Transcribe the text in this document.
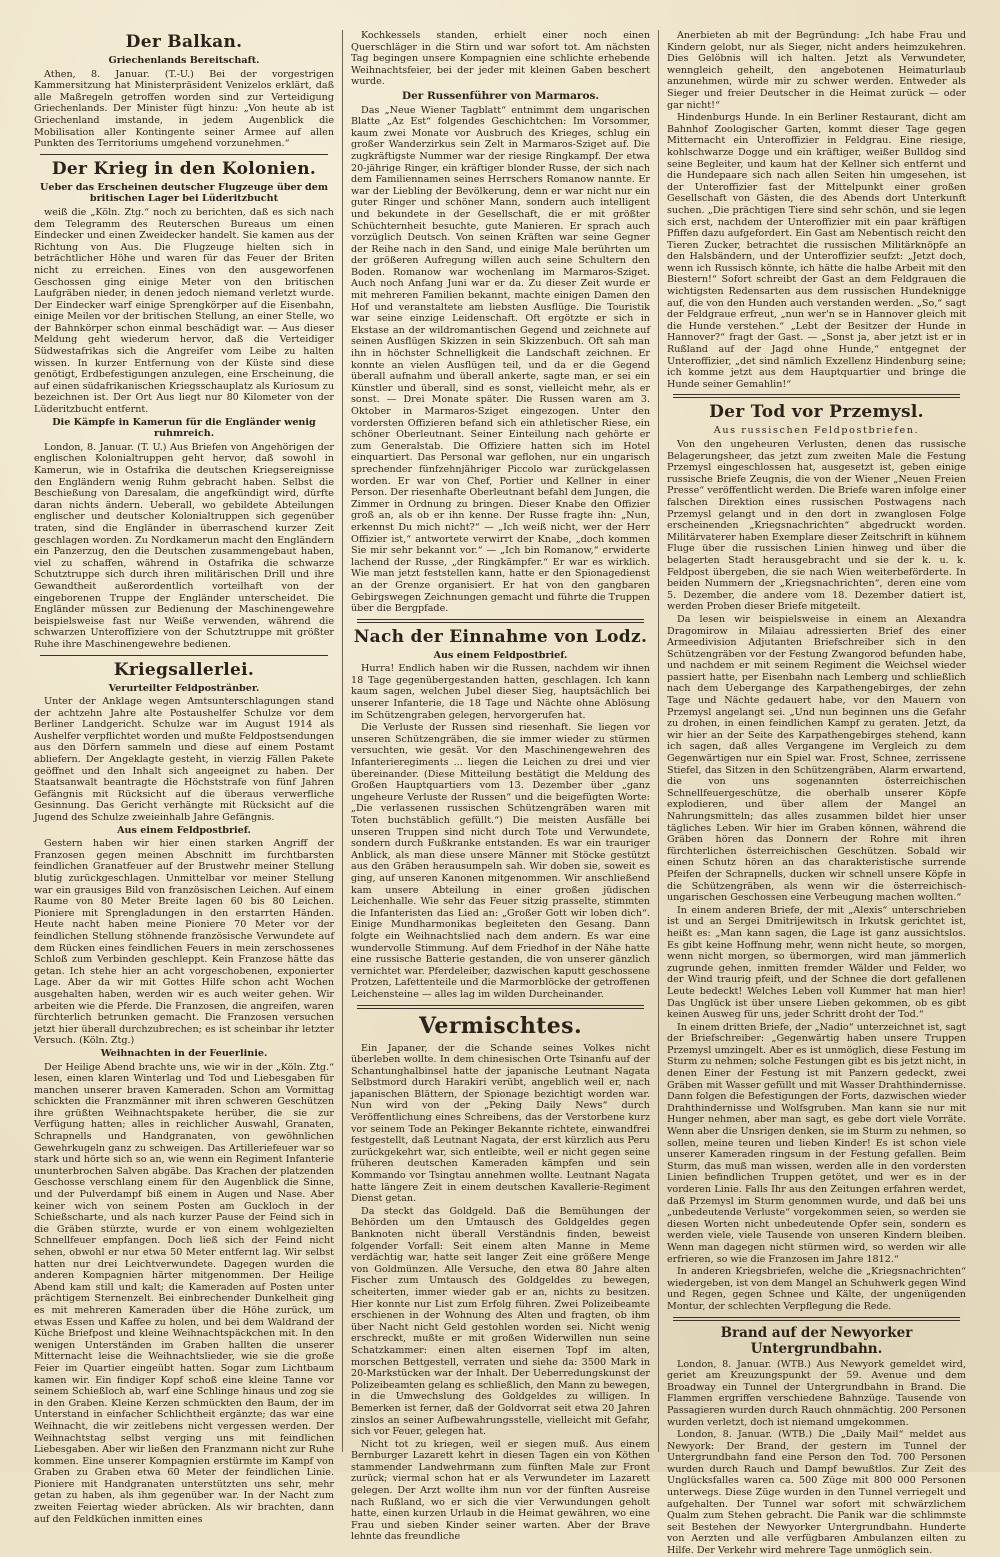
Der Balkan.
Griechenlands Bereitschaft.

Athen, 8. Januar. (T.-U.) Bei der vorgestrigen Kammersitzung hat Ministerpräsident Venizelos erklärt, daß alle Maßregeln getroffen worden sind zur Verteidigung Griechenlands. Der Minister fügt hinzu: „Von heute ab ist Griechenland imstande, in jedem Augenblick die Mobilisation aller Kontingente seiner Armee auf allen Punkten des Territoriums umgehend vorzunehmen.“

Der Krieg in den Kolonien.
Ueber das Erscheinen deutscher Flugzeuge über dem britischen Lager bei Lüderitzbucht

weiß die „Köln. Ztg.“ noch zu berichten, daß es sich nach dem Telegramm des Reuterschen Bureaus um einen Eindecker und einen Zweidecker handelt. Sie kamen aus der Richtung von Aus. Die Flugzeuge hielten sich in beträchtlicher Höhe und waren für das Feuer der Briten nicht zu erreichen. Eines von den ausgeworfenen Geschossen ging einige Meter von den britischen Laufgräben nieder, in denen jedoch niemand verletzt wurde. Der Eindecker warf einige Sprengkörper auf die Eisenbahn, einige Meilen vor der britischen Stellung, an einer Stelle, wo der Bahnkörper schon einmal beschädigt war. — Aus dieser Meldung geht wiederum hervor, daß die Verteidiger Südwestafrikas sich die Angreifer vom Leibe zu halten wissen. In kurzer Entfernung von der Küste sind diese genötigt, Erdbefestigungen anzulegen, eine Erscheinung, die auf einen südafrikanischen Kriegsschauplatz als Kuriosum zu bezeichnen ist. Der Ort Aus liegt nur 80 Kilometer von der Lüderitzbucht entfernt.

Die Kämpfe in Kamerun für die Engländer wenig ruhmreich.

London, 8. Januar. (T. U.) Aus Briefen von Angehörigen der englischen Kolonialtruppen geht hervor, daß sowohl in Kamerun, wie in Ostafrika die deutschen Kriegsereignisse den Engländern wenig Ruhm gebracht haben. Selbst die Beschießung von Daresalam, die angefkündigt wird, dürfte daran nichts ändern. Ueberall, wo gebildete Abteilungen englischer und deutscher Kolonialtruppen sich gegenüber traten, sind die Engländer in überraschend kurzer Zeit geschlagen worden. Zu Nordkamerun macht den Engländern ein Panzerzug, den die Deutschen zusammengebaut haben, viel zu schaffen, während in Ostafrika die schwarze Schutztruppe sich durch ihren militärischen Drill und ihre Gewandtheit außerordentlich vorteilhaft von der eingeborenen Truppe der Engländer unterscheidet. Die Engländer müssen zur Bedienung der Maschinengewehre beispielsweise fast nur Weiße verwenden, während die schwarzen Unteroffiziere von der Schutztruppe mit größter Ruhe ihre Maschinengewehre bedienen.

Kriegsallerlei.
Verurteilter Feldpostränber.

Unter der Anklage wegen Amtsunterschlagungen stand der achtzehn Jahre alte Postaushelfer Schulze vor dem Berliner Landgericht. Schulze war im August 1914 als Aushelfer verpflichtet worden und mußte Feldpostsendungen aus den Dörfern sammeln und diese auf einem Postamt abliefern. Der Angeklagte gesteht, in vierzig Fällen Pakete geöffnet und den Inhalt sich angeeignet zu haben. Der Staatsanwalt beantragte die Höchststrafe von fünf Jahren Gefängnis mit Rücksicht auf die überaus verwerfliche Gesinnung. Das Gericht verhängte mit Rücksicht auf die Jugend des Schulze zweieinhalb Jahre Gefängnis.

Aus einem Feldpostbrief.

Gestern haben wir hier einen starken Angriff der Franzosen gegen meinen Abschnitt im furchtbarsten feindlichen Granatfeuer auf der Brustwehr meiner Stellung blutig zurückgeschlagen. Unmittelbar vor meiner Stellung war ein grausiges Bild von französischen Leichen. Auf einem Raume von 80 Meter Breite lagen 60 bis 80 Leichen. Pioniere mit Sprengladungen in den erstarrten Händen. Heute nacht haben meine Pioniere 70 Meter vor der feindlichen Stellung stöhnende französische Verwundete auf dem Rücken eines feindlichen Feuers in mein zerschossenes Schloß zum Verbinden geschleppt. Kein Franzose hätte das getan. Ich stehe hier an acht vorgeschobenen, exponierter Lage. Aber da wir mit Gottes Hilfe schon acht Wochen ausgehalten haben, werden wir es auch weiter gehen. Wir arbeiten wie die Pferde. Die Franzosen, die angreifen, waren fürchterlich betrunken gemacht. Die Franzosen versuchen jetzt hier überall durchzubrechen; es ist scheinbar ihr letzter Versuch. (Köln. Ztg.)

Weihnachten in der Feuerlinie.

Der Heilige Abend brachte uns, wie wir in der „Köln. Ztg.“ lesen, einen klaren Winterlag und Tod und Liebesgaben für manchen unserer braven Kameraden. Schon am Vormittag schickten die Franzmänner mit ihren schweren Geschützen ihre grüßten Weihnachtspakete herüber, die sie zur Verfügung hatten; alles in reichlicher Auswahl, Granaten, Schrapnells und Handgranaten, von gewöhnlichen Gewehrkugeln ganz zu schweigen. Das Artilleriefeuer war so stark und hörte sich so an, wie wenn ein Regiment Infanterie ununterbrochen Salven abgäbe. Das Krachen der platzenden Geschosse verschlang einem für den Augenblick die Sinne, und der Pulverdampf biß einem in Augen und Nase. Aber keiner wich von seinem Posten am Guckloch in der Schießscharte, und als nach kurzer Pause der Feind sich in die Gräben stürzte, wurde er von einem wohlgezielten Schnellfeuer empfangen. Doch ließ sich der Feind nicht sehen, obwohl er nur etwa 50 Meter entfernt lag. Wir selbst hatten nur drei Leichtverwundete. Dagegen wurden die anderen Kompagnien härter mitgenommen. Der Heilige Abend kam still und kalt; die Kameraden auf Posten unter prächtigem Sternenzelt. Bei einbrechender Dunkelheit ging es mit mehreren Kameraden über die Höhe zurück, um etwas Essen und Kaffee zu holen, und bei dem Waldrand der Küche Briefpost und kleine Weihnachtspäckchen mit. In den wenigen Unterständen im Graben hallten die unserer Mitternacht leise die Weihnachtslieder, wie sie die große Feier im Quartier eingeübt hatten. Sogar zum Lichtbaum kamen wir. Ein findiger Kopf schoß eine kleine Tanne vor seinem Schießloch ab, warf eine Schlinge hinaus und zog sie in den Graben. Kleine Kerzen schmückten den Baum, der im Unterstand in einfacher Schlichtheit ergänzte; das war eine Weihnacht, die wir zeitlebens nicht vergessen werden. Der Weihnachtstag selbst verging uns mit feindlichen Liebesgaben. Aber wir ließen den Franzmann nicht zur Ruhe kommen. Eine unserer Kompagnien erstürmte im Kampf von Graben zu Graben etwa 60 Meter der feindlichen Linie. Pioniere mit Handgranaten unterstützten uns sehr, mehr getan zu haben, als ihm gegenüber war. In der Nacht zum zweiten Feiertag wieder abrücken. Als wir brachten, dann auf den Feldküchen inmitten eines

Kochkessels standen, erhielt einer noch einen Querschläger in die Stirn und war sofort tot. Am nächsten Tag begingen unsere Kompagnien eine schlichte erhebende Weihnachtsfeier, bei der jeder mit kleinen Gaben beschert wurde.

Der Russenführer von Marmaros.

Das „Neue Wiener Tagblatt“ entnimmt dem ungarischen Blatte „Az Est“ folgendes Geschichtchen: Im Vorsommer, kaum zwei Monate vor Ausbruch des Krieges, schlug ein großer Wanderzirkus sein Zelt in Marmaros-Sziget auf. Die zugkräftigste Nummer war der riesige Ringkampf. Der etwa 20-jährige Ringer, ein kräftiger blonder Russe, der sich nach dem Familiennamen seines Herrschers Romanow nannte. Er war der Liebling der Bevölkerung, denn er war nicht nur ein guter Ringer und schöner Mann, sondern auch intelligent und bekundete in der Gesellschaft, die er mit größter Schüchternheit besuchte, gute Manieren. Er sprach auch vorzüglich Deutsch. Von seinen Kräften war seine Gegner der Reihe nach in den Sand, und einige Male berührten um der größeren Aufregung willen auch seine Schultern den Boden. Romanow war wochenlang im Marmaros-Sziget. Auch noch Anfang Juni war er da. Zu dieser Zeit wurde er mit mehreren Familien bekannt, machte einigen Damen den Hof und veranstaltete am liebsten Ausflüge. Die Touristik war seine einzige Leidenschaft. Oft ergötzte er sich in Ekstase an der wildromantischen Gegend und zeichnete auf seinen Ausflügen Skizzen in sein Skizzenbuch. Oft sah man ihn in höchster Schnelligkeit die Landschaft zeichnen. Er konnte an vielen Ausflügen teil, und da er die Gegend überall aufnahm und überall ankerte, sagte man, er sei ein Künstler und überall, sind es sonst, vielleicht mehr, als er sonst. — Drei Monate später. Die Russen waren am 3. Oktober in Marmaros-Sziget eingezogen. Unter den vordersten Offizieren befand sich ein athletischer Riese, ein schöner Oberleutnant. Seiner Einteilung nach gehörte er zum Generalstab. Die Offiziere hatten sich im Hotel einquartiert. Das Personal war geflohen, nur ein ungarisch sprechender fünfzehnjähriger Piccolo war zurückgelassen worden. Er war von Chef, Portier und Kellner in einer Person. Der riesenhafte Oberleutnant befahl dem Jungen, die Zimmer in Ordnung zu bringen. Dieser Knabe den Offizier groß an, als ob er ihn kenne. Der Russe fragte ihn: „Nun, erkennst Du mich nicht?“ — „Ich weiß nicht, wer der Herr Offizier ist,“ antwortete verwirrt der Knabe, „doch kommen Sie mir sehr bekannt vor.“ — „Ich bin Romanow,“ erwiderte lachend der Russe, „der Ringkämpfer.“ Er war es wirklich. Wie man jetzt feststellen kann, hatte er den Spionagedienst an der Grenze organisiert. Er hat von den gangbaren Gebirgswegen Zeichnungen gemacht und führte die Truppen über die Bergpfade.

Nach der Einnahme von Lodz.
Aus einem Feldpostbrief.

Hurra! Endlich haben wir die Russen, nachdem wir ihnen 18 Tage gegenübergestanden hatten, geschlagen. Ich kann kaum sagen, welchen Jubel dieser Sieg, hauptsächlich bei unserer Infanterie, die 18 Tage und Nächte ohne Ablösung im Schützengraben gelegen, hervorgerufen hat.

Die Verluste der Russen sind riesenhaft. Sie liegen vor unseren Schützengräben, die sie immer wieder zu stürmen versuchten, wie gesät. Vor den Maschinengewehren des Infanterieregiments ... liegen die Leichen zu drei und vier übereinander. (Diese Mitteilung bestätigt die Meldung des Großen Hauptquartiers vom 13. Dezember über „ganz ungeheure Verluste der Russen“ und die beigefügten Worte: „Die verlassenen russischen Schützengräben waren mit Toten buchstäblich gefüllt.“) Die meisten Ausfälle bei unseren Truppen sind nicht durch Tote und Verwundete, sondern durch Fußkranke entstanden. Es war ein trauriger Anblick, als man diese unsere Männer mit Stöcke gestützt aus den Gräben herausumpeln sah. Wir doben sie, soweit es ging, auf unseren Kanonen mitgenommen. Wir anschließend kam unsere Abteilung in einer großen jüdischen Leichenhalle. Wie sehr das Feuer sitzig prasselte, stimmten die Infanteristen das Lied an: „Großer Gott wir loben dich“. Einige Mundharmonikas begleiteten den Gesang. Dann folgte ein Weihnachtslied nach dem andern. Es war eine wundervolle Stimmung. Auf dem Friedhof in der Nähe hatte eine russische Batterie gestanden, die von unserer gänzlich vernichtet war. Pferdeleiber, dazwischen kaputt geschossene Protzen, Lafettenteile und die Marmorblöcke der getroffenen Leichensteine — alles lag im wilden Durcheinander.

Vermischtes.

Ein Japaner, der die Schande seines Volkes nicht überleben wollte. In dem chinesischen Orte Tsinanfu auf der Schantunghalbinsel hatte der japanische Leutnant Nagata Selbstmord durch Harakiri verübt, angeblich weil er, nach japanischen Blättern, der Spionage bezichtigt worden war. Nun wird von der „Peking Daily News“ durch Veröffentlichung eines Schreibens, das der Verstorbene kurz vor seinem Tode an Pekinger Bekannte richtete, einwandfrei festgestellt, daß Leutnant Nagata, der erst kürzlich aus Peru zurückgekehrt war, sich entleibte, weil er nicht gegen seine früheren deutschen Kameraden kämpfen und sein Kommando vor Tsingtau annehmen wollte. Leutnant Nagata hatte längere Zeit in einem deutschen Kavallerie-Regiment Dienst getan.

Da steckt das Goldgeld. Daß die Bemühungen der Behörden um den Umtausch des Goldgeldes gegen Banknoten nicht überall Verständnis finden, beweist folgender Vorfall: Seit einem alten Manne in Meme verdächtig war, hatte seit langer Zeit eine größere Menge von Goldmünzen. Alle Versuche, den etwa 80 Jahre alten Fischer zum Umtausch des Goldgeldes zu bewegen, scheiterten, immer wieder gab er an, nichts zu besitzen. Hier konnte nur List zum Erfolg führen. Zwei Polizeibeamte erschienen in der Wohnung des Alten und fragten, ob ihm über Nacht nicht Geld gestohlen worden sei. Nicht wenig erschreckt, mußte er mit großen Widerwillen nun seine Schatzkammer: einen alten eisernen Topf im alten, morschen Bettgestell, verraten und siehe da: 3500 Mark in 20-Markstücken war der Inhalt. Der Ueberredungskunst der Polizeibeamten gelang es schließlich, den Mann zu bewegen, in die Umwechslung des Goldgeldes zu willigen. In Bemerken ist ferner, daß der Goldvorrat seit etwa 20 Jahren zinslos an seiner Aufbewahrungsstelle, vielleicht mit Gefahr, sich vor Feuer, gelegen hat.

Nicht tot zu kriegen, weil er siegen muß. Aus einem Bernburger Lazarett kehrt in diesen Tagen ein von Köthen stammender Landwehrmann zum fünften Male zur Front zurück; viermal schon hat er als Verwundeter im Lazarett gelegen. Der Arzt wollte ihm nun vor der fünften Ausreise nach Rußland, wo er sich die vier Verwundungen geholt hatte, einen kurzen Urlaub in die Heimat gewähren, wo eine Frau und sieben Kinder seiner warten. Aber der Brave lehnte das freundliche

Anerbieten ab mit der Begründung: „Ich habe Frau und Kindern gelobt, nur als Sieger, nicht anders heimzukehren. Dies Gelöbnis will ich halten. Jetzt als Verwundeter, wenngleich geheilt, den angebotenen Heimaturlaub anzunehmen, würde mir zu schwer werden. Entweder als Sieger und freier Deutscher in die Heimat zurück — oder gar nicht!“

Hindenburgs Hunde. In ein Berliner Restaurant, dicht am Bahnhof Zoologischer Garten, kommt dieser Tage gegen Mitternacht ein Unteroffizier in Feldgrau. Eine riesige, kohlschwarze Dogge und ein kräftiger, weißer Bulldog sind seine Begleiter, und kaum hat der Kellner sich entfernt und die Hundepaare sich nach allen Seiten hin umgesehen, ist der Unteroffizier fast der Mittelpunkt einer großen Gesellschaft von Gästen, die des Abends dort Unterkunft suchen. „Die prächtigen Tiere sind sehr schön, und sie legen sich erst, nachdem der Unteroffizier mit ein paar kräftigen Pfiffen dazu aufgefordert. Ein Gast am Nebentisch reicht den Tieren Zucker, betrachtet die russischen Militärknöpfe an den Halsbändern, und der Unteroffizier seufzt: „Jetzt doch, wenn ich Russisch könnte, ich hätte die halbe Arbeit mit den Biestern!“ Sofort schreibt der Gast an dem Feldgrauen die wichtigsten Redensarten aus dem russischen Hundeknigge auf, die von den Hunden auch verstanden werden. „So,“ sagt der Feldgraue erfreut, „nun wer'n se in Hannover gleich mit die Hunde verstehen.“ „Lebt der Besitzer der Hunde in Hannover?“ fragt der Gast. — „Sonst ja, aber jetzt ist er in Rußland auf der Jagd ohne Hunde,“ entgegnet der Unteroffizier, „det sind nämlich Exzellenz Hindenburg seine; ich komme jetzt aus dem Hauptquartier und bringe die Hunde seiner Gemahlin!“

Der Tod vor Przemysl.
Aus russischen Feldpostbriefen.

Von den ungeheuren Verlusten, denen das russische Belagerungsheer, das jetzt zum zweiten Male die Festung Przemysl eingeschlossen hat, ausgesetzt ist, geben einige russische Briefe Zeugnis, die von der Wiener „Neuen Freien Presse“ veröffentlicht werden. Die Briefe waren infolge einer falschen Direktion eines russischen Postwagens nach Przemysl gelangt und in den dort in zwanglosen Folge erscheinenden „Kriegsnachrichten“ abgedruckt worden. Militärvaterer haben Exemplare dieser Zeitschrift in kühnem Fluge über die russischen Linien hinweg und über die belagerten Stadt herausgebracht und sie der k. u. k. Feldpost übergeben, die sie nach Wien weiterbeförderte. In beiden Nummern der „Kriegsnachrichten“, deren eine vom 5. Dezember, die andere vom 18. Dezember datiert ist, werden Proben dieser Briefe mitgeteilt.

Da lesen wir beispielsweise in einem an Alexandra Dragomirow in Milaiau adressierten Brief des einer Armeedivision Adjutanten Briefschreiber sich in den Schützengräben vor der Festung Zwangorod befunden habe, und nachdem er mit seinem Regiment die Weichsel wieder passiert hatte, per Eisenbahn nach Lemberg und schließlich nach dem Uebergange des Karpathengebirges, der zehn Tage und Nächte gedauert habe, vor den Mauern von Przemysl angelangt sei. „Und nun beginnen uns die Gefahr zu drohen, in einen feindlichen Kampf zu geraten. Jetzt, da wir hier an der Seite des Karpathengebirges stehend, kann ich sagen, daß alles Vergangene im Vergleich zu dem Gegenwärtigen nur ein Spiel war. Frost, Schnee, zerrissene Stiefel, das Sitzen in den Schützengräben, Alarm erwartend, die von uns sogenannten österreichischen Schnellfeuergeschütze, die oberhalb unserer Köpfe explodieren, und über allem der Mangel an Nahrungsmitteln; das alles zusammen bildet hier unser tägliches Leben. Wir hier im Graben können, während die Gräben hören das Donnern der Rohre mit ihren fürchterlichen österreichischen Geschützen. Sobald wir einen Schutz hören an das charakteristische surrende Pfeifen der Schrapnells, ducken wir schnell unsere Köpfe in die Schützengräben, als wenn wir die österreichisch-ungarischen Geschossen eine Verbeugung machen wollten.“

In einem anderen Briefe, der mit „Alexis“ unterschrieben ist und an Sergei Dmitrijewitsch in Irkutsk gerichtet ist, heißt es: „Man kann sagen, die Lage ist ganz aussichtslos. Es gibt keine Hoffnung mehr, wenn nicht heute, so morgen, wenn nicht morgen, so übermorgen, wird man jämmerlich zugrunde gehen, inmitten fremder Wälder und Felder, wo der Wind traurig pfeift, und der Schnee die dort gefallenen Leute bedeckt! Welches Leben voll Kummer hat man hier! Das Unglück ist über unsere Lieben gekommen, ob es gibt keinen Ausweg für uns, jeder Schritt droht der Tod.“

In einem dritten Briefe, der „Nadio“ unterzeichnet ist, sagt der Briefschreiber: „Gegenwärtig haben unsere Truppen Przemysl umzingelt. Aber es ist unmöglich, diese Festung im Sturm zu nehmen; solche Festungen gibt es bis jetzt nicht, in denen Einer der Festung ist mit Panzern gedeckt, zwei Gräben mit Wasser gefüllt und mit Wasser Drahthindernisse. Dann folgen die Befestigungen der Forts, dazwischen wieder Drahthindernisse und Wolfsgruben. Man kann sie nur mit Hunger nehmen, aber man sagt, es gebe dort viele Vorräte. Wenn aber die Unsrigen denken, sie im Sturm zu nehmen, so sollen, meine teuren und lieben Kinder! Es ist schon viele unserer Kameraden ringsum in der Festung gefallen. Beim Sturm, das muß man wissen, werden alle in den vordersten Linien befindlichen Truppen getötet, und wer es in der vorderen Linie. Falls Ihr aus den Zeitungen erfahren werdet, daß Przemysl im Sturm genommen wurde, und daß bei uns „unbedeutende Verluste“ vorgekommen seien, so werden sie diesen Worten nicht unbedeutende Opfer sein, sondern es werden viele, viele Tausende von unseren Kindern bleiben. Wenn man dagegen nicht stürmen wird, so werden wir alle erfrieren, so wie die Franzosen im Jahre 1812.“

In anderen Kriegsbriefen, welche die „Kriegsnachrichten“ wiedergeben, ist von dem Mangel an Schuhwerk gegen Wind und Regen, gegen Schnee und Kälte, der ungenügenden Montur, der schlechten Verpflegung die Rede.

Brand auf der Newyorker Untergrundbahn.

London, 8. Januar. (WTB.) Aus Newyork gemeldet wird, geriet am Kreuzungspunkt der 59. Avenue und dem Broadway ein Tunnel der Untergrundbahn in Brand. Die Flammen ergriffen verschiedene Bahnzüge. Tausende von Passagieren wurden durch Rauch ohnmächtig. 200 Personen wurden verletzt, doch ist niemand umgekommen.

London, 8. Januar. (WTB.) Die „Daily Mail“ meldet aus Newyork: Der Brand, der gestern im Tunnel der Untergrundbahn fand eine Person den Tod. 700 Personen wurden durch Rauch und Dampf bewußtlos. Zur Zeit des Unglücksfalles waren ca. 500 Züge mit 800 000 Personen unterwegs. Diese Züge wurden in den Tunnel verriegelt und aufgehalten. Der Tunnel war sofort mit schwärzlichem Qualm zum Stehen gebracht. Die Panik war die schlimmste seit Bestehen der Newyorker Untergrundbahn. Hunderte von Aerzten und alle verfügbaren Ambulanzen eilten zu Hilfe. Der Verkehr wird mehrere Tage unmöglich sein.
